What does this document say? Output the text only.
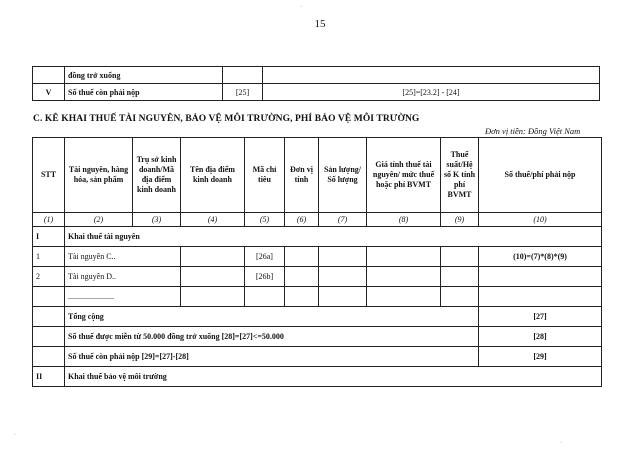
15
	đồng trở xuống		
V	Số thuế còn phải nộp	[25]	[25]=[23.2] - [24]
C. KÊ KHAI THUẾ TÀI NGUYÊN, BẢO VỆ MÔI TRƯỜNG, PHÍ BẢO VỆ MÔI TRƯỜNG
Đơn vị tiền: Đồng Việt Nam
STT	Tài nguyên, hàng hóa, sản phẩm	Trụ sở kinh doanh/Mã địa điểm kinh doanh	Tên địa điểm kinh doanh	Mã chỉ tiêu	Đơn vị tính	Sản lượng/ Số lượng	Giá tính thuế tài nguyên/ mức thuế hoặc phí BVMT	Thuế suất/Hệ số K tính phí BVMT	Số thuế/phí phải nộp
(1)	(2)	(3)	(4)	(5)	(6)	(7)	(8)	(9)	(10)
I	Khai thuế tài nguyên								
1	Tài nguyên C..			[26a]					(10)=(7)*(8)*(9)
2	Tài nguyên D..			[26b]					
	.......................								
	Tổng cộng								[27]
	Số thuế được miễn từ 50.000 đồng trở xuống [28]=[27]<=50.000								[28]
	Số thuế còn phải nộp [29]=[27]-[28]								[29]
II	Khai thuế bảo vệ môi trường								
·
·
·
